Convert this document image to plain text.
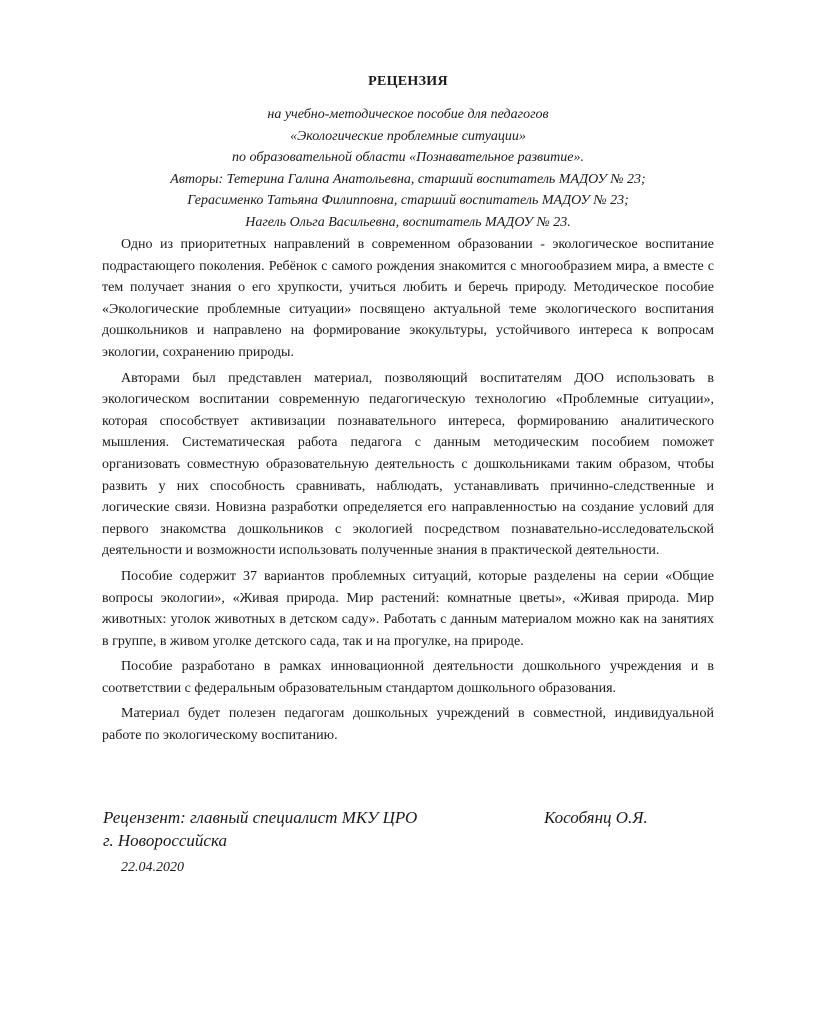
РЕЦЕНЗИЯ
на учебно-методическое пособие для педагогов
«Экологические проблемные ситуации»
по образовательной области «Познавательное развитие».
Авторы: Тетерина Галина Анатольевна, старший воспитатель МАДОУ № 23;
Герасименко Татьяна Филипповна, старший воспитатель МАДОУ № 23;
Нагель Ольга Васильевна, воспитатель МАДОУ № 23.

Одно из приоритетных направлений в современном образовании - экологическое воспитание подрастающего поколения. Ребёнок с самого рождения знакомится с многообразием мира, а вместе с тем получает знания о его хрупкости, учиться любить и беречь природу. Методическое пособие «Экологические проблемные ситуации» посвящено актуальной теме экологического воспитания дошкольников и направлено на формирование экокультуры, устойчивого интереса к вопросам экологии, сохранению природы.

Авторами был представлен материал, позволяющий воспитателям ДОО использовать в экологическом воспитании современную педагогическую технологию «Проблемные ситуации», которая способствует активизации познавательного интереса, формированию аналитического мышления. Систематическая работа педагога с данным методическим пособием поможет организовать совместную образовательную деятельность с дошкольниками таким образом, чтобы развить у них способность сравнивать, наблюдать, устанавливать причинно-следственные и логические связи. Новизна разработки определяется его направленностью на создание условий для первого знакомства дошкольников с экологией посредством познавательно-исследовательской деятельности и возможности использовать полученные знания в практической деятельности.

Пособие содержит 37 вариантов проблемных ситуаций, которые разделены на серии «Общие вопросы экологии», «Живая природа. Мир растений: комнатные цветы», «Живая природа. Мир животных: уголок животных в детском саду». Работать с данным материалом можно как на занятиях в группе, в живом уголке детского сада, так и на прогулке, на природе.

Пособие разработано в рамках инновационной деятельности дошкольного учреждения и в соответствии с федеральным образовательным стандартом дошкольного образования.

Материал будет полезен педагогам дошкольных учреждений в совместной, индивидуальной работе по экологическому воспитанию.

Рецензент: главный специалист МКУ ЦРО
г. Новороссийска
Кособянц О.Я.
22.04.2020
